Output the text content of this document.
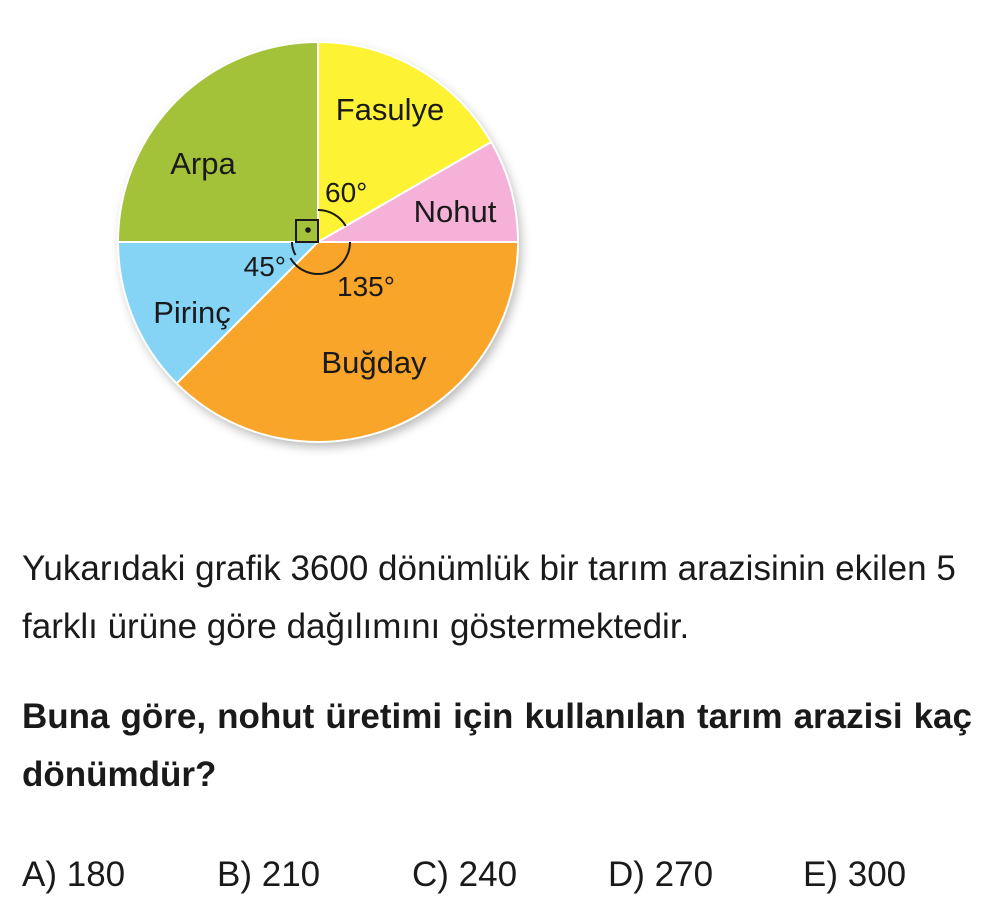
Fasulye
Nohut
Buğday
Pirinç
Arpa
60°
135°
45°

Yukarıdaki grafik 3600 dönümlük bir tarım arazisinin ekilen 5 farklı ürüne göre dağılımını göstermektedir.

Buna göre, nohut üretimi için kullanılan tarım arazisi kaç dönümdür?

A) 180	B) 210	C) 240	D) 270	E) 300
